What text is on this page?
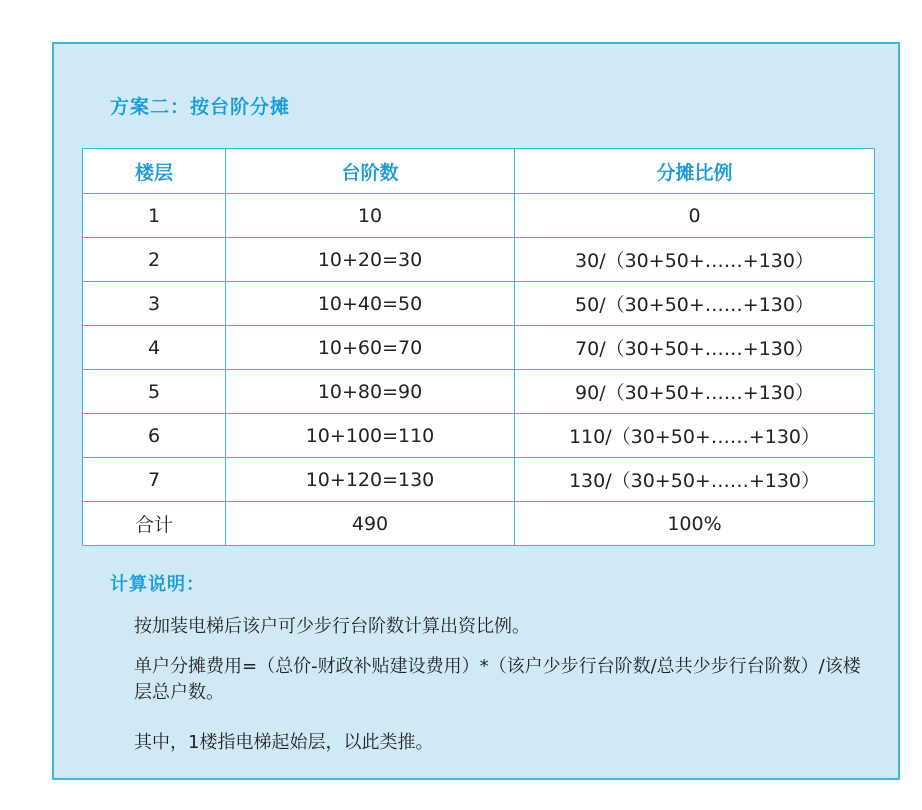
方案二：按台阶分摊
楼层	台阶数	分摊比例
1	10	0
2	10+20=30	30/（30+50+……+130）
3	10+40=50	50/（30+50+……+130）
4	10+60=70	70/（30+50+……+130）
5	10+80=90	90/（30+50+……+130）
6	10+100=110	110/（30+50+……+130）
7	10+120=130	130/（30+50+……+130）
合计	490	100%
计算说明：

按加装电梯后该户可少步行台阶数计算出资比例。

单户分摊费用=（总价-财政补贴建设费用）*（该户少步行台阶数/总共少步行台阶数）/该楼层总户数。

其中，1楼指电梯起始层，以此类推。
